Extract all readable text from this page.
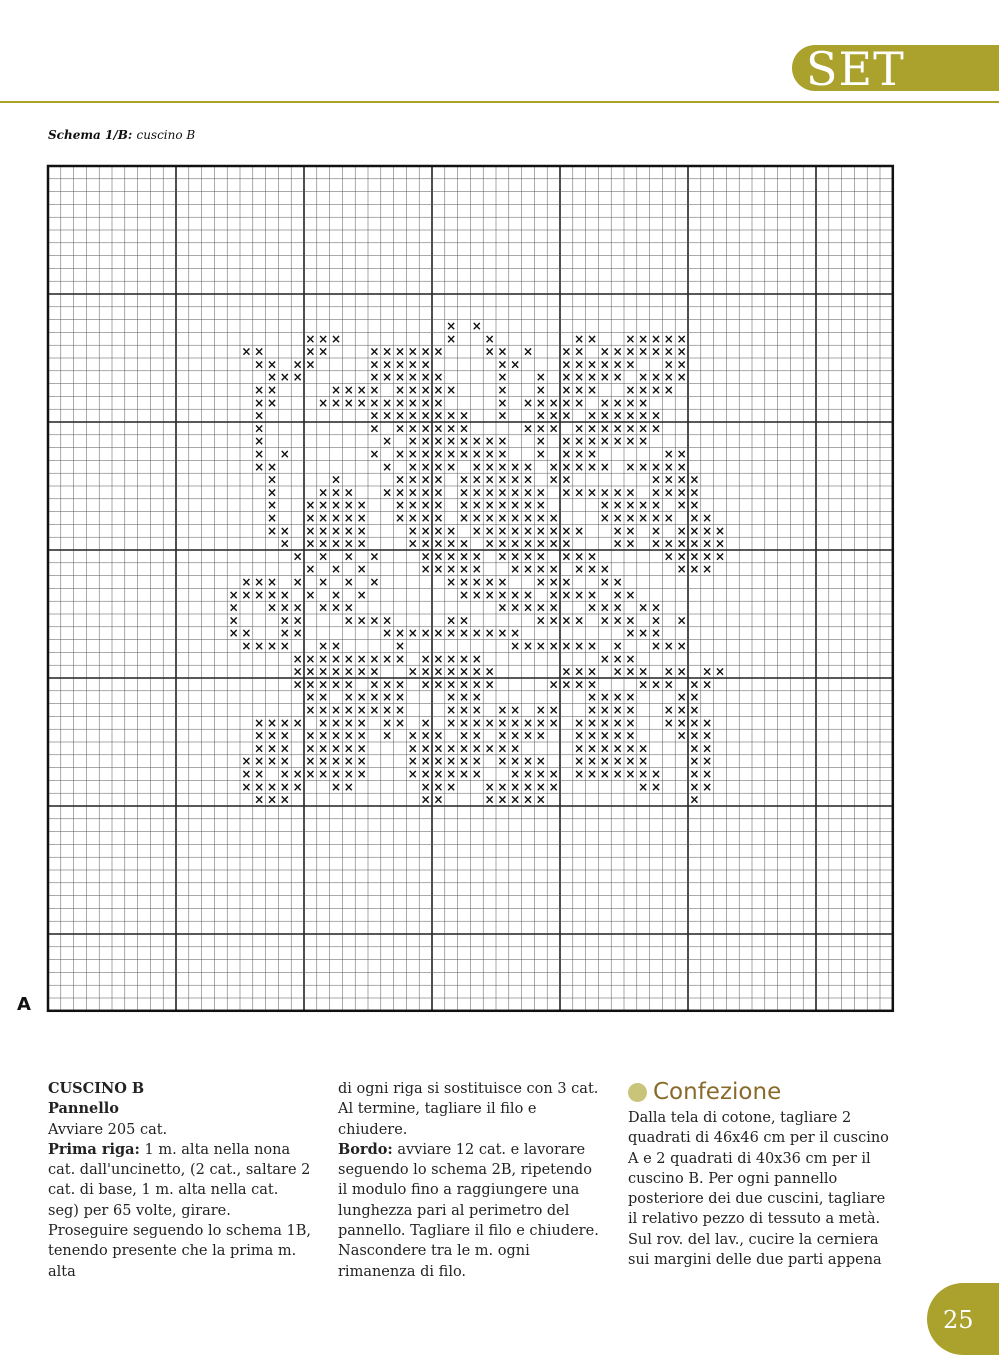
SET
Schema 1/B: cuscino B
× ×
× × ×	× ×	× × × × × × ×
× ×	× ×	× × × × × ×	× × × × × × × × × × × ×
× × × ×	× × × × ×	× ×	× × × × × × × ×
× × ×	× × × × × ×	× × × × × × × × × × ×
× ×	× × × × × × × × ×	× × × × × × × × ×
× ×	× × × × × × × × × ×	× × × × × × × × × ×
×	× × × × × × × × × × × × × × × × × ×
×	× × × × × × ×	× × × × × × × × × ×
×	× × × × × × × × × × × × × × × × ×
× ×	× × × × × × × × × × × × × ×	× ×
× ×	× × × × × × × × × × × × × × × × × × × ×
×	×	× × × × × × × × × × × ×	× × × ×
×	× × × × × × × × × × × × × × × × × × × × × × × × ×
× × × × × × × × × × × × × × × × ×	× × × × × × ×
× × × × × × × × × × × × × × × × × ×	× × × × × × × ×
× × × × × × ×	× × × × × × × × × × × × × × × × × × × ×
× × × × × ×	× × × × × × × × × × × ×	× × × × × × × ×
× × × ×	× × × × × × × × × × × ×	× × × × ×
× × ×	× × × × × × × × × × × ×	× × ×
× × × × × × ×	× × × × × × × × × ×
× × × × × × × ×	× × × × × × × × × × × ×
× × × × × × ×	× × × × × × × × × ×
×	× ×	× × × ×	× ×	× × × × × × × × ×
× × × ×	× × × × × × × × × × ×	× × ×
× × × × × ×	×	× × × × × × × × × × ×
× × × × × × × × × × × × × ×	× × ×
× × × × × × × × × × × × × ×	× × × × × × × × × ×
× × × × × × × × × × × × × ×	× × × ×	× × × × ×
× × × × × × ×	× × ×	× × × ×	× ×
× × × × × × × ×	× × × × × × × × × × × × × ×
× × × × × × × × × × × × × × × × × × × × × × × × × × × × ×
× × × × × × × × × × × × × × × × × × × × × × ×	× × ×
× × × × × × × ×	× × × × × × × × ×	× × × × × ×	× ×
× × × × × × × × ×	× × × × × × × × × × × × × × × ×	× ×
× × × × × × × × ×	× × × × × × × × × × × × × × × × × × ×
× × × × × × ×	× × × × × × × × ×	× × × ×
× × ×	× ×	× × × × ×	×
A

CUSCINO B

Pannello

Avviare 205 cat.

Prima riga: 1 m. alta nella nona cat. dall'uncinetto, (2 cat., saltare 2 cat. di base, 1 m. alta nella cat. seg) per 65 volte, girare.

Proseguire seguendo lo schema 1B, tenendo presente che la prima m. alta

di ogni riga si sostituisce con 3 cat. Al termine, tagliare il filo e chiudere.

Bordo: avviare 12 cat. e lavorare seguendo lo schema 2B, ripetendo il modulo fino a raggiungere una lunghezza pari al perimetro del pannello. Tagliare il filo e chiudere. Nascondere tra le m. ogni rimanenza di filo.

Confezione

Dalla tela di cotone, tagliare 2 quadrati di 46x46 cm per il cuscino A e 2 quadrati di 40x36 cm per il cuscino B. Per ogni pannello posteriore dei due cuscini, tagliare il relativo pezzo di tessuto a metà. Sul rov. del lav., cucire la cerniera sui margini delle due parti appena

25
